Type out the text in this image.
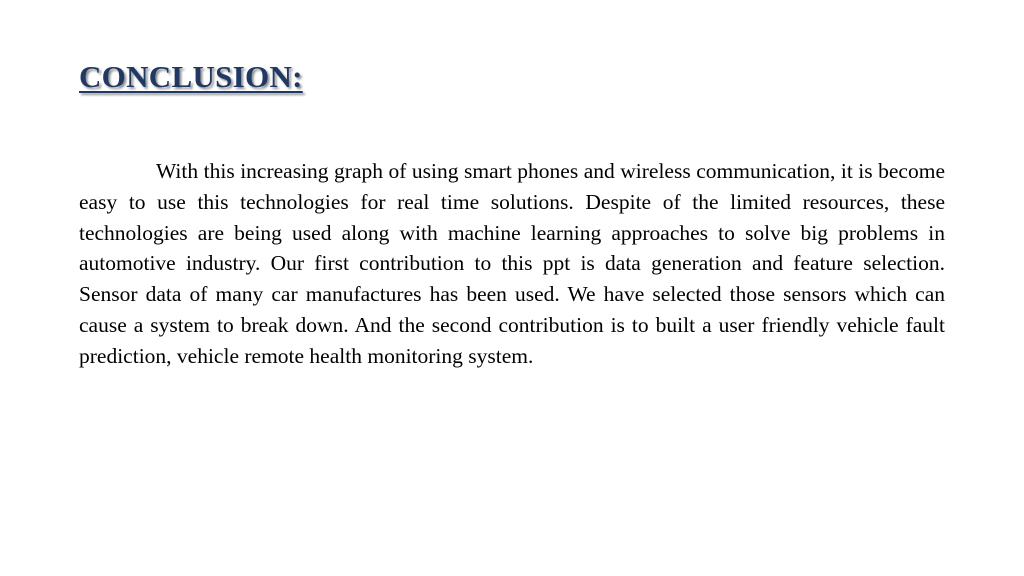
CONCLUSION:

With this increasing graph of using smart phones and wireless communication, it is become easy to use this technologies for real time solutions. Despite of the limited resources, these technologies are being used along with machine learning approaches to solve big problems in automotive industry. Our first contribution to this ppt is data generation and feature selection. Sensor data of many car manufactures has been used. We have selected those sensors which can cause a system to break down. And the second contribution is to built a user friendly vehicle fault prediction, vehicle remote health monitoring system.
